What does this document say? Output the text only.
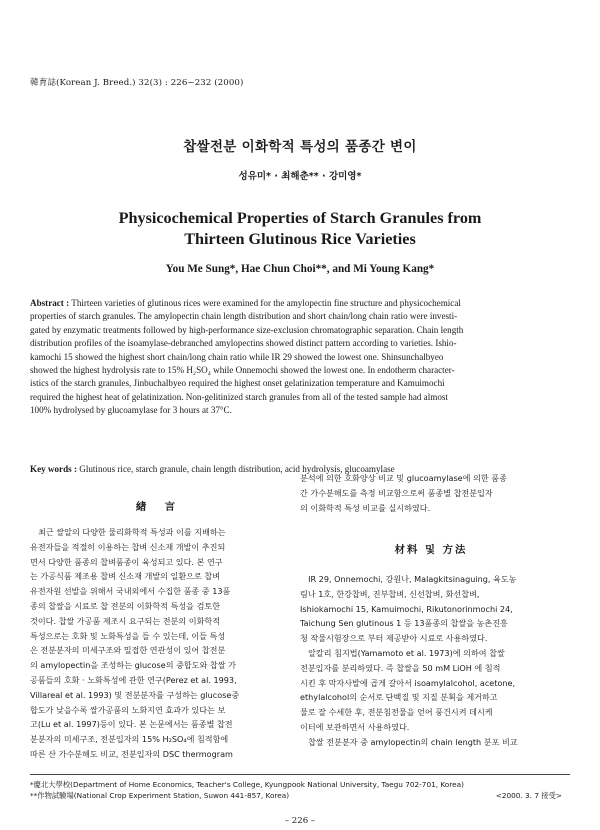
韓育誌(Korean J. Breed.) 32(3) : 226~232 (2000)
찹쌀전분 이화학적 특성의 품종간 변이
성유미* · 최해춘** · 강미영*
Physicochemical Properties of Starch Granules from
Thirteen Glutinous Rice Varieties
You Me Sung*, Hae Chun Choi**, and Mi Young Kang*
Abstract : Thirteen varieties of glutinous rices were examined for the amylopectin fine structure and physicochemical
properties of starch granules. The amylopectin chain length distribution and short chain/long chain ratio were investi-
gated by enzymatic treatments followed by high-performance size-exclusion chromatographic separation. Chain length
distribution profiles of the isoamylase-debranched amylopectins showed distinct pattern according to varieties. Ishio-
kamochi 15 showed the highest short chain/long chain ratio while IR 29 showed the lowest one. Shinsunchalbyeo
showed the highest hydrolysis rate to 15% H₂SO₄ while Onnemochi showed the lowest one. In endotherm character-
istics of the starch granules, Jinbuchalbyeo required the highest onset gelatinization temperature and Kamuimochi
required the highest heat of gelatinization. Non-gelitinized starch granules from all of the tested sample had almost
100% hydrolysed by glucoamylase for 3 hours at 37°C.
Key words : Glutinous rice, starch granule, chain length distribution, acid hydrolysis, glucoamylase
緖　言
　최근 쌀알의 다양한 물리화학적 특성과 이를 지배하는
유전자들을 적절히 이용하는 찹벼 신소재 개발이 추진되
면서 다양한 품종의 찹벼품종이 육성되고 있다. 본 연구
는 가공식품 제조용 찹벼 신소재 개발의 일환으로 찹벼
유전자원 선발을 위해서 국내외에서 수집한 품종 중 13품
종의 찹쌀을 시료로 찹 전분의 이화학적 특성을 검토한
것이다. 찹쌀 가공품 제조시 요구되는 전분의 이화학적
특성으로는 호화 및 노화특성을 들 수 있는데, 이들 특성
은 전분분자의 미세구조와 밀접한 연관성이 있어 찹전분
의 amylopectin을 조성하는 glucose의 중합도와 찹쌀 가
공품들의 호화 · 노화특성에 관한 연구(Perez et al. 1993,
Villareal et al. 1993) 및 전분분자를 구성하는 glucose중
합도가 낮을수록 쌀가공품의 노화지연 효과가 있다는 보
고(Lu et al. 1997)등이 있다. 본 논문에서는 품종별 찹전
분분자의 미세구조, 전분입자의 15% H₂SO₄에 침적함에
따른 산 가수분해도 비교, 전분입자의 DSC thermogram
분석에 의한 호화양상 비교 및 glucoamylase에 의한 품종
간 가수분해도를 측정 비교함으로써 품종별 찹전분입자
의 이화학적 특성 비교를 실시하였다.
材料 및 方法
　IR 29, Onnemochi, 강원나, Malagkitsinaguing, 육도농
림나 1호, 한강찹벼, 진부찹벼, 신선찹벼, 화선찹벼,
Ishiokamochi 15, Kamuimochi, Rikutonorinmochi 24,
Taichung Sen glutinous 1 등 13품종의 찹쌀을 농촌진흥
청 작물시험장으로 부터 제공받아 시료로 사용하였다.
　알칼리 침지법(Yamamoto et al. 1973)에 의하여 찹쌀
전분입자를 분리하였다. 즉 찹쌀을 50 mM LiOH 에 침적
시킨 후 막자사발에 곱게 갈아서 isoamylalcohol, acetone,
ethylalcohol의 순서로 단백질 및 지질 분획을 제거하고
물로 잘 수세한 후, 전분침전물을 얻어 풍건시켜 데시케
이터에 보관하면서 사용하였다.
　찹쌀 전분분자 중 amylopectin의 chain length 분포 비교
*慶北大學校(Department of Home Economics, Teacher's College, Kyungpook National University, Taegu 702-701, Korea)
**作物試驗場(National Crop Experiment Station, Suwon 441-857, Korea)	<2000. 3. 7 接受>
– 226 –
